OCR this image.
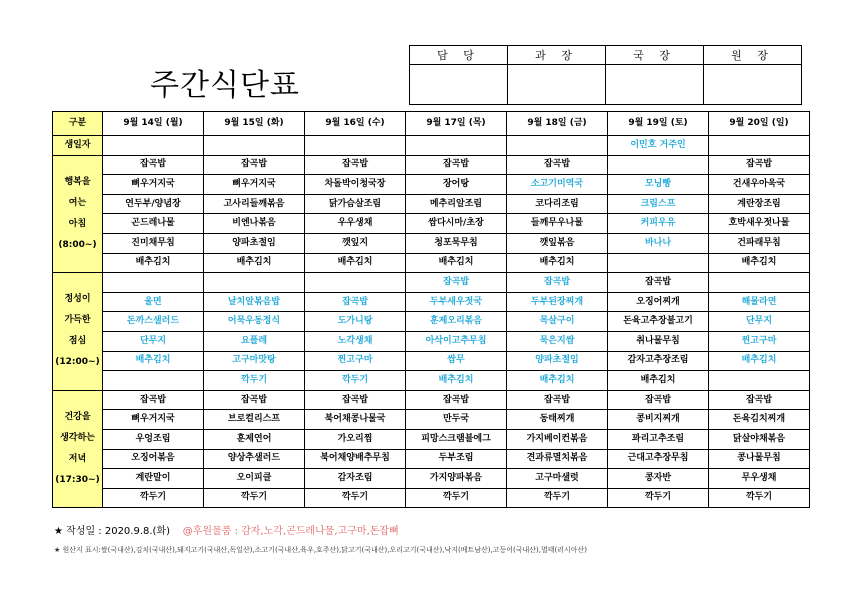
주간식단표
담 당	과 장	국 장	원 장

구분	9월 14일 (월)	9월 15일 (화)	9월 16일 (수)	9월 17일 (목)	9월 18일 (금)	9월 19일 (토)	9월 20일 (일)
생일자						이민호 거주인	

행복을
여는
아침
(8:00~)	잡곡밥	잡곡밥	잡곡밥	잡곡밥	잡곡밥		잡곡밥
	뼈우거지국	뼈우거지국	차돌박이청국장	장어탕	소고기미역국	모닝빵	건새우아욱국
	연두부/양념장	고사리들깨볶음	닭가슴살조림	메추리알조림	코다리조림	크림스프	계란장조림
	곤드레나물	비엔나볶음	우우생채	쌈다시마/초장	들깨무우나물	커피우유	호박새우젓나물
	진미채무침	양파초절임	깻잎지	청포묵무침	깻잎볶음	바나나	건파래무침
	배추김치	배추김치	배추김치	배추김치	배추김치		배추김치

정성이
가득한
점심
(12:00~)				잡곡밥	잡곡밥	잡곡밥	
	울면	날치알볶음밥	잡곡밥	두부새우젓국	두부된장찌개	오징어찌개	해물라면
	돈까스샐러드	어묵우동정식	도가니탕	훈제오리볶음	목살구이	돈육고추장불고기	단무지
	단무지	요플레	노각생채	아삭이고추무침	묵은지쌈	취나물무침	찐고구마
	배추김치	고구마맛탕	찐고구마	쌈무	양파초절임	감자고추장조림	배추김치
		깍두기	깍두기	배추김치	배추김치	배추김치	

건강을
생각하는
저녁
(17:30~)	잡곡밥	잡곡밥	잡곡밥	잡곡밥	잡곡밥	잡곡밥	잡곡밥
	뼈우거지국	브로컬리스프	북어채콩나물국	만두국	동태찌개	콩비지찌개	돈육김치찌개
	우엉조림	훈제연어	가오리찜	피망스크램블에그	가지베이컨볶음	꽈리고추조림	닭살야채볶음
	오징어볶음	양상추샐러드	북어채양배추무침	두부조림	견과류멸치볶음	근대고추장무침	콩나물무침
	계란말이	오이피클	감자조림	가지양파볶음	고구마샐럿	콩자반	무우생채
	깍두기	깍두기	깍두기	깍두기	깍두기	깍두기	깍두기
★ 작성일 : 2020.9.8.(화) @후원물품 : 감자,노각,곤드레나물,고구마,돈잡뼈
★ 원산지 표시:쌀(국내산),김치(국내산),돼지고기(국내산,독일산),소고기(국내산,육우,호주산),닭고기(국내산),오리고기(국내산),낙지(베트남산),고등어(국내산),멸태(러시아산)
